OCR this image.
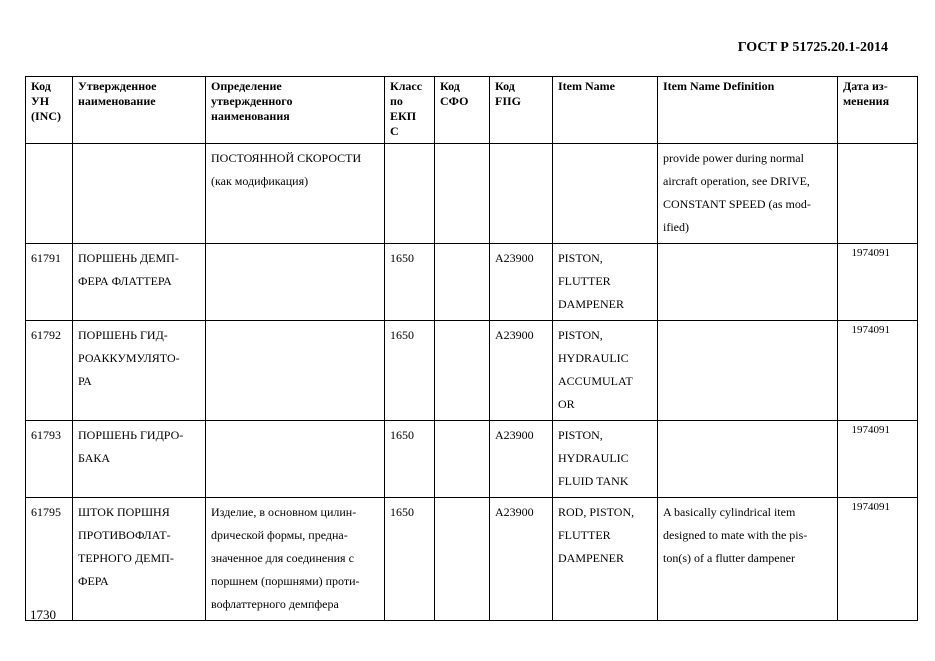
ГОСТ Р 51725.20.1-2014
Код
УН
(INC)	Утвержденное
наименование	Определение
утвержденного
наименования	Класс
по
ЕКП
С	Код
СФО	Код
FIIG	Item Name	Item Name Definition	Дата из-
менения
		ПОСТОЯННОЙ СКОРОСТИ
(как модификация)					provide power during normal
aircraft operation, see DRIVE,
CONSTANT SPEED (as mod-
ified)	
61791	ПОРШЕНЬ ДЕМП-
ФЕРА ФЛАТТЕРА		1650		A23900	PISTON,
FLUTTER
DAMPENER		1974091
61792	ПОРШЕНЬ ГИД-
РОАККУМУЛЯТО-
РА		1650		A23900	PISTON,
HYDRAULIC
ACCUMULAT
OR		1974091
61793	ПОРШЕНЬ ГИДРО-
БАКА		1650		A23900	PISTON,
HYDRAULIC
FLUID TANK		1974091
61795	ШТОК ПОРШНЯ
ПРОТИВОФЛАТ-
ТЕРНОГО ДЕМП-
ФЕРА	Изделие, в основном цилин-
dрической формы, предна-
значенное для соединения с
поршнем (поршнями) проти-
вофлаттерного демпфера	1650		A23900	ROD, PISTON,
FLUTTER
DAMPENER	A basically cylindrical item
designed to mate with the pis-
ton(s) of a flutter dampener	1974091
1730
